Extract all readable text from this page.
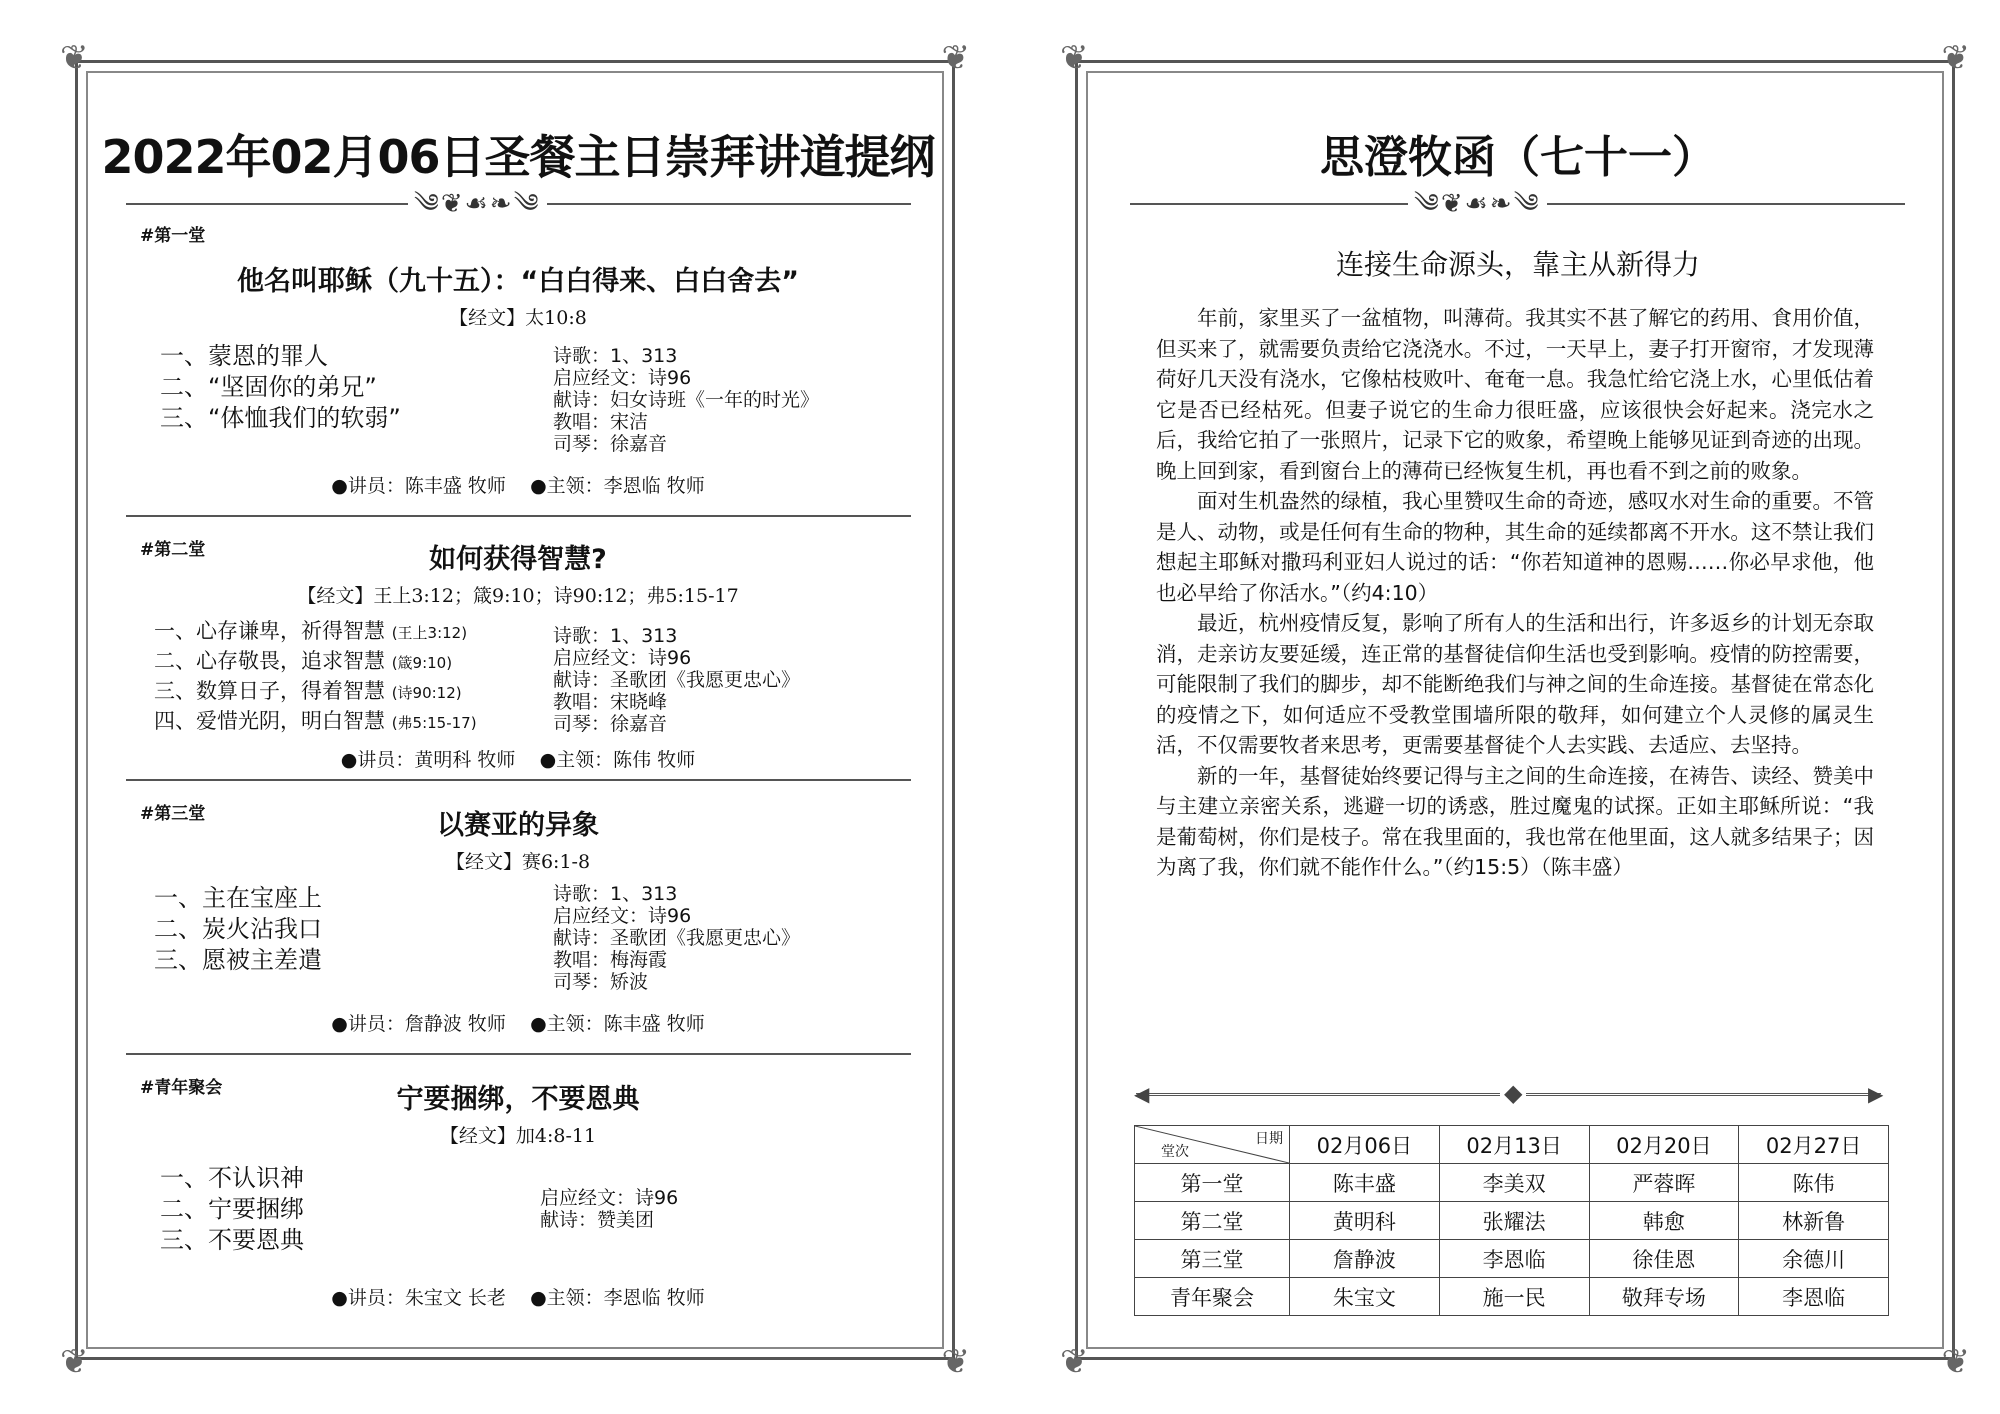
❦	❦
❦	❦
2022年02月06日圣餐主日崇拜讲道提纲
༄❦☙❧༄
#第一堂
他名叫耶稣（九十五）：“白白得来、白白舍去”
【经文】太10:8
一、蒙恩的罪人
二、“坚固你的弟兄”
三、“体恤我们的软弱”
诗歌：1、313
启应经文：诗96
献诗：妇女诗班《一年的时光》
教唱：宋洁
司琴：徐嘉音
●讲员：陈丰盛 牧师 ●主领：李恩临 牧师
#第二堂	如何获得智慧?
【经文】王上3:12；箴9:10；诗90:12；弗5:15-17
一、心存谦卑，祈得智慧 (王上3:12)
二、心存敬畏，追求智慧 (箴9:10)
三、数算日子，得着智慧 (诗90:12)
四、爱惜光阴，明白智慧 (弗5:15-17)
诗歌：1、313
启应经文：诗96
献诗：圣歌团《我愿更忠心》
教唱：宋晓峰
司琴：徐嘉音
●讲员：黄明科 牧师 ●主领：陈伟 牧师
#第三堂	以赛亚的异象
【经文】赛6:1-8
一、主在宝座上
二、炭火沾我口
三、愿被主差遣
诗歌：1、313
启应经文：诗96
献诗：圣歌团《我愿更忠心》
教唱：梅海霞
司琴：矫波
●讲员：詹静波 牧师 ●主领：陈丰盛 牧师
#青年聚会	宁要捆绑，不要恩典
【经文】加4:8-11
一、不认识神
二、宁要捆绑
三、不要恩典
启应经文：诗96
献诗：赞美团
●讲员：朱宝文 长老 ●主领：李恩临 牧师
❦	❦
❦	❦
思澄牧函（七十一）
༄❦☙❧༄
连接生命源头，靠主从新得力

年前，家里买了一盆植物，叫薄荷。我其实不甚了解它的药用、食用价值，但买来了，就需要负责给它浇浇水。不过，一天早上，妻子打开窗帘，才发现薄荷好几天没有浇水，它像枯枝败叶、奄奄一息。我急忙给它浇上水，心里低估着它是否已经枯死。但妻子说它的生命力很旺盛，应该很快会好起来。浇完水之后，我给它拍了一张照片，记录下它的败象，希望晚上能够见证到奇迹的出现。晚上回到家，看到窗台上的薄荷已经恢复生机，再也看不到之前的败象。

面对生机盎然的绿植，我心里赞叹生命的奇迹，感叹水对生命的重要。不管是人、动物，或是任何有生命的物种，其生命的延续都离不开水。这不禁让我们想起主耶稣对撒玛利亚妇人说过的话：“你若知道神的恩赐……你必早求他，他也必早给了你活水。”（约4:10）

最近，杭州疫情反复，影响了所有人的生活和出行，许多返乡的计划无奈取消，走亲访友要延缓，连正常的基督徒信仰生活也受到影响。疫情的防控需要，可能限制了我们的脚步，却不能断绝我们与神之间的生命连接。基督徒在常态化的疫情之下，如何适应不受教堂围墙所限的敬拜，如何建立个人灵修的属灵生活，不仅需要牧者来思考，更需要基督徒个人去实践、去适应、去坚持。

新的一年，基督徒始终要记得与主之间的生命连接，在祷告、读经、赞美中与主建立亲密关系，逃避一切的诱惑，胜过魔鬼的试探。正如主耶稣所说：“我是葡萄树，你们是枝子。常在我里面的，我也常在他里面，这人就多结果子；因为离了我，你们就不能作什么。”（约15:5）（陈丰盛）

◀	▶
◆
日期
堂次	02月06日	02月13日	02月20日	02月27日
第一堂	陈丰盛	李美双	严蓉晖	陈伟
第二堂	黄明科	张耀法	韩愈	林新鲁
第三堂	詹静波	李恩临	徐佳恩	余德川
青年聚会	朱宝文	施一民	敬拜专场	李恩临
